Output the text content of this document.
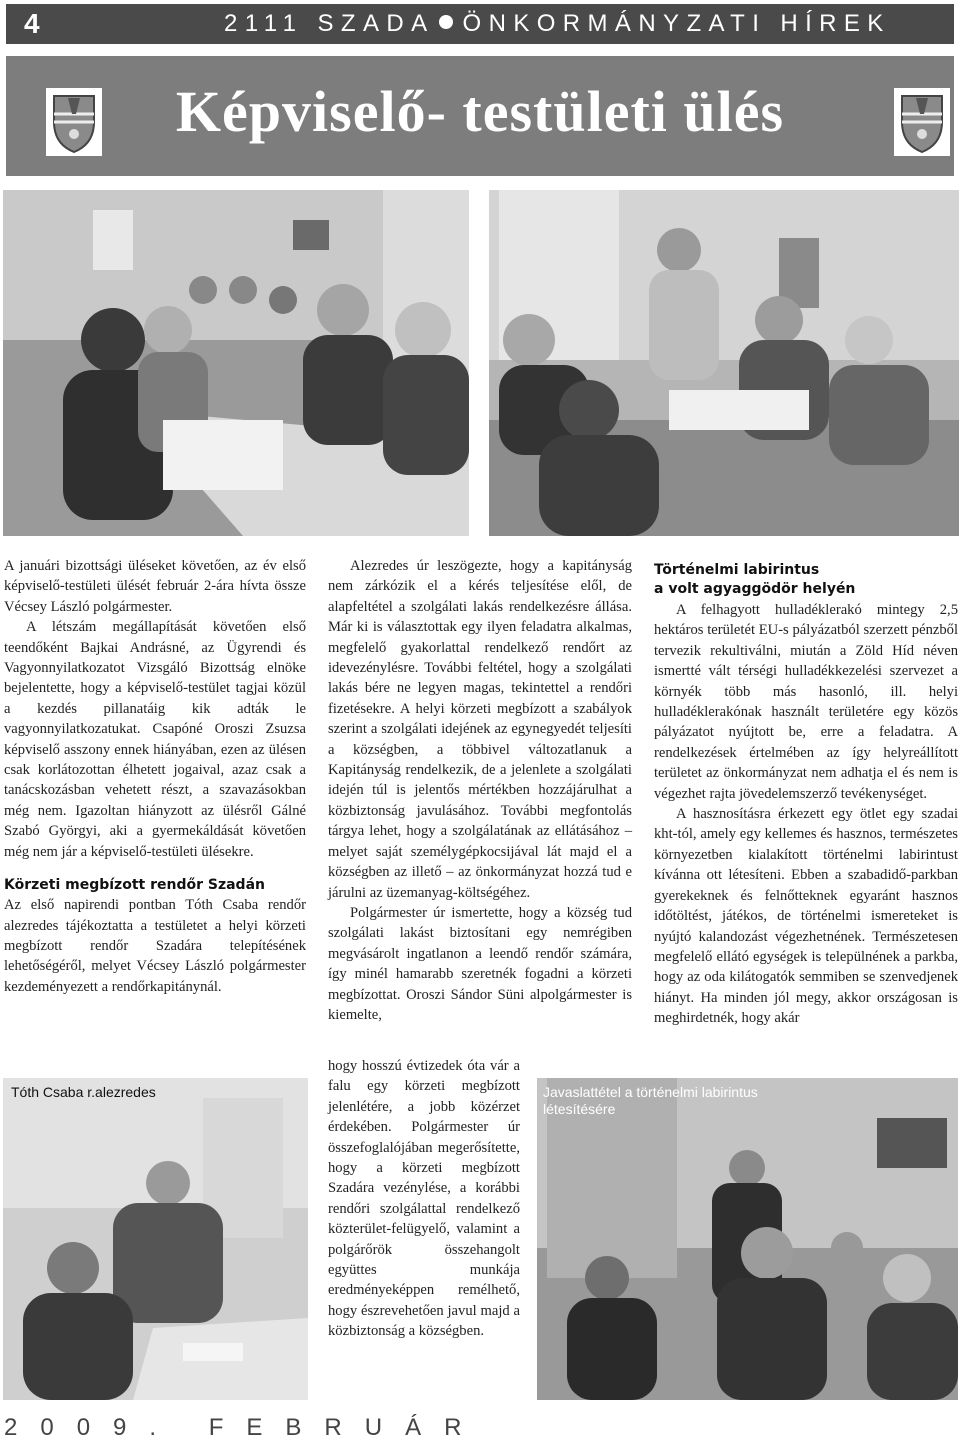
4	2111 SZADA ÖNKORMÁNYZATI HÍREK
Képviselő- testületi ülés

A januári bizottsági üléseket követően, az év első képviselő-testületi ülését február 2-ára hívta össze Vécsey László polgármester.

A létszám megállapítását követően első teendőként Bajkai Andrásné, az Ügyrendi és Vagyonnyilatkozatot Vizsgáló Bizottság elnöke bejelentette, hogy a képviselő-testület tagjai közül a kezdés pillanatáig kik adták le vagyonnyilatkozatukat. Csapóné Oroszi Zsuzsa képviselő asszony ennek hiányában, ezen az ülésen csak korlátozottan élhetett jogaival, azaz csak a tanácskozásban vehetett részt, a szavazásokban még nem. Igazoltan hiányzott az ülésről Gálné Szabó Györgyi, aki a gyermekáldását követően még nem jár a képviselő-testületi ülésekre.

Körzeti megbízott rendőr Szadán

Az első napirendi pontban Tóth Csaba rendőr alezredes tájékoztatta a testületet a helyi körzeti megbízott rendőr Szadára telepítésének lehetőségéről, melyet Vécsey László polgármester kezdeményezett a rendőrkapitánynál.

Alezredes úr leszögezte, hogy a kapitányság nem zárkózik el a kérés teljesítése elől, de alapfeltétel a szolgálati lakás rendelkezésre állása. Már ki is választottak egy ilyen feladatra alkalmas, megfelelő gyakorlattal rendelkező rendőrt az idevezénylésre. További feltétel, hogy a szolgálati lakás bére ne legyen magas, tekintettel a rendőri fizetésekre. A helyi körzeti megbízott a szabályok szerint a szolgálati idejének az egynegyedét teljesíti a községben, a többivel változatlanuk a Kapitányság rendelkezik, de a jelenlete a szolgálati idején túl is jelentős mértékben hozzájárulhat a közbiztonság javulásához. További megfontolás tárgya lehet, hogy a szolgálatának az ellátásához – melyet saját személygépkocsijával lát majd el a községben az illető – az önkormányzat hozzá tud e járulni az üzemanyag-költségéhez.

Polgármester úr ismertette, hogy a község tud szolgálati lakást biztosítani egy nemrégiben megvásárolt ingatlanon a leendő rendőr számára, így minél hamarabb szeretnék fogadni a körzeti megbízottat. Oroszi Sándor Süni alpolgármester is kiemelte,

hogy hosszú évtizedek óta vár a falu egy körzeti megbízott jelenlétére, a jobb közérzet érdekében. Polgármester úr összefoglalójában megerősítette, hogy a körzeti megbízott Szadára vezénylése, a korábbi rendőri szolgálattal rendelkező közterület-felügyelő, valamint a polgárőrök összehangolt együttes munkája eredményeképpen remélhető, hogy észrevehetően javul majd a közbiztonság a községben.

Történelmi labirintus
a volt agyaggödör helyén

A felhagyott hulladéklerakó mintegy 2,5 hektáros területét EU-s pályázatból szerzett pénzből tervezik rekultiválni, miután a Zöld Híd néven ismertté vált térségi hulladékkezelési szervezet a környék több más hasonló, ill. helyi hulladéklerakónak használt területére egy közös pályázatot nyújtott be, erre a feladatra. A rendelkezések értelmében az így helyreállított területet az önkormányzat nem adhatja el és nem is végezhet rajta jövedelemszerző tevékenységet.

A hasznosításra érkezett egy ötlet egy szadai kht-tól, amely egy kellemes és hasznos, természetes környezetben kialakított történelmi labirintust kívánna ott létesíteni. Ebben a szabadidő-parkban gyerekeknek és felnőtteknek egyaránt hasznos időtöltést, játékos, de történelmi ismereteket is nyújtó kalandozást végezhetnének. Természetesen megfelelő ellátó egységek is települnének a parkba, hogy az oda kilátogatók semmiben se szenvedjenek hiányt. Ha minden jól megy, akkor országosan is meghirdetnék, hogy akár

Tóth Csaba r.alezredes	Javaslattétel a történelmi labirintus létesítésére
2009. FEBRUÁR
